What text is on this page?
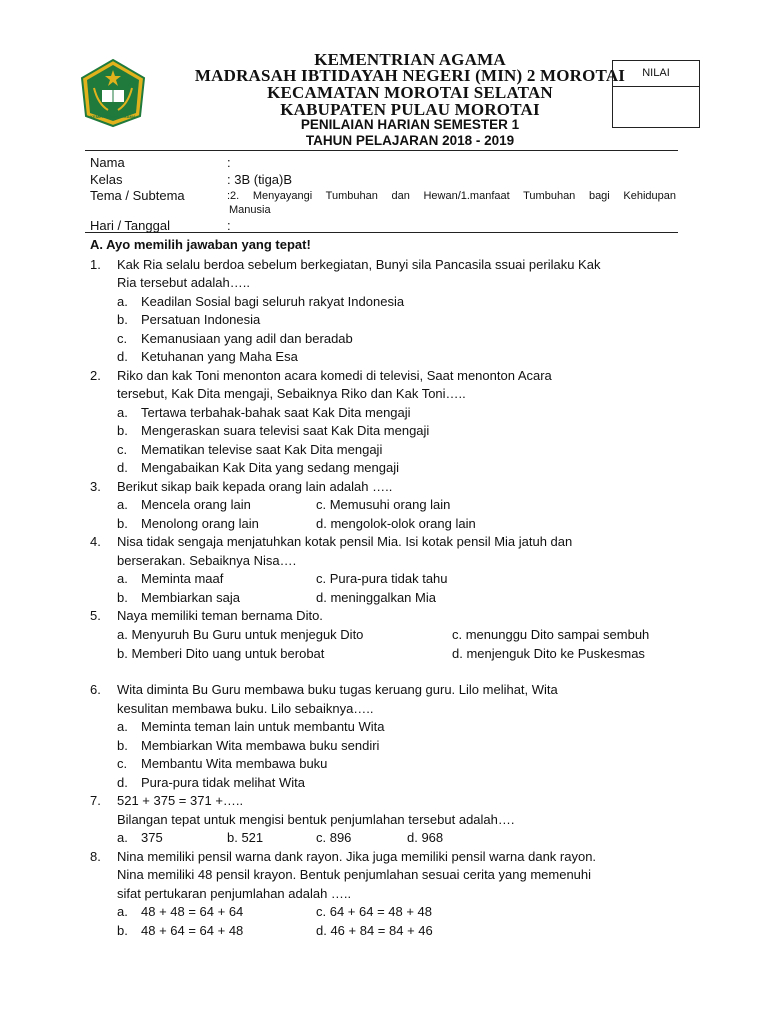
KEMENTERIAN AGAMA
KEMENTRIAN AGAMA
MADRASAH IBTIDAYAH NEGERI (MIN) 2 MOROTAI
KECAMATAN MOROTAI SELATAN
KABUPATEN PULAU MOROTAI
PENILAIAN HARIAN SEMESTER 1
TAHUN PELAJARAN 2018 - 2019
NILAI
Nama	:
Kelas	: 3B (tiga)B
Tema / Subtema	:2. Menyayangi Tumbuhan dan Hewan/1.manfaat Tumbuhan bagi Kehidupan
Manusia
Hari / Tanggal	:
A. Ayo memilih jawaban yang tepat!
1. Kak Ria selalu berdoa sebelum berkegiatan, Bunyi sila Pancasila ssuai perilaku Kak
Ria tersebut adalah…..
a. Keadilan Sosial bagi seluruh rakyat Indonesia
b. Persatuan Indonesia
c. Kemanusiaan yang adil dan beradab
d. Ketuhanan yang Maha Esa
2. Riko dan kak Toni menonton acara komedi di televisi, Saat menonton Acara
tersebut, Kak Dita mengaji, Sebaiknya Riko dan Kak Toni…..
a. Tertawa terbahak-bahak saat Kak Dita mengaji
b. Mengeraskan suara televisi saat Kak Dita mengaji
c. Mematikan televise saat Kak Dita mengaji
d. Mengabaikan Kak Dita yang sedang mengaji
3. Berikut sikap baik kepada orang lain adalah …..
a. Mencela orang lain	c. Memusuhi orang lain
b. Menolong orang lain	d. mengolok-olok orang lain
4. Nisa tidak sengaja menjatuhkan kotak pensil Mia. Isi kotak pensil Mia jatuh dan
berserakan. Sebaiknya Nisa….
a. Meminta maaf	c. Pura-pura tidak tahu
b. Membiarkan saja	d. meninggalkan Mia
5. Naya memiliki teman bernama Dito.
a. Menyuruh Bu Guru untuk menjeguk Dito	c. menunggu Dito sampai sembuh
b. Memberi Dito uang untuk berobat	d. menjenguk Dito ke Puskesmas
6. Wita diminta Bu Guru membawa buku tugas keruang guru. Lilo melihat, Wita
kesulitan membawa buku. Lilo sebaiknya…..
a. Meminta teman lain untuk membantu Wita
b. Membiarkan Wita membawa buku sendiri
c. Membantu Wita membawa buku
d. Pura-pura tidak melihat Wita
7. 521 + 375 = 371 +…..
Bilangan tepat untuk mengisi bentuk penjumlahan tersebut adalah….
a. 375	b. 521	c. 896	d. 968
8. Nina memiliki pensil warna dank rayon. Jika juga memiliki pensil warna dank rayon.
Nina memiliki 48 pensil krayon. Bentuk penjumlahan sesuai cerita yang memenuhi
sifat pertukaran penjumlahan adalah …..
a. 48 + 48 = 64 + 64	c. 64 + 64 = 48 + 48
b. 48 + 64 = 64 + 48	d. 46 + 84 = 84 + 46
